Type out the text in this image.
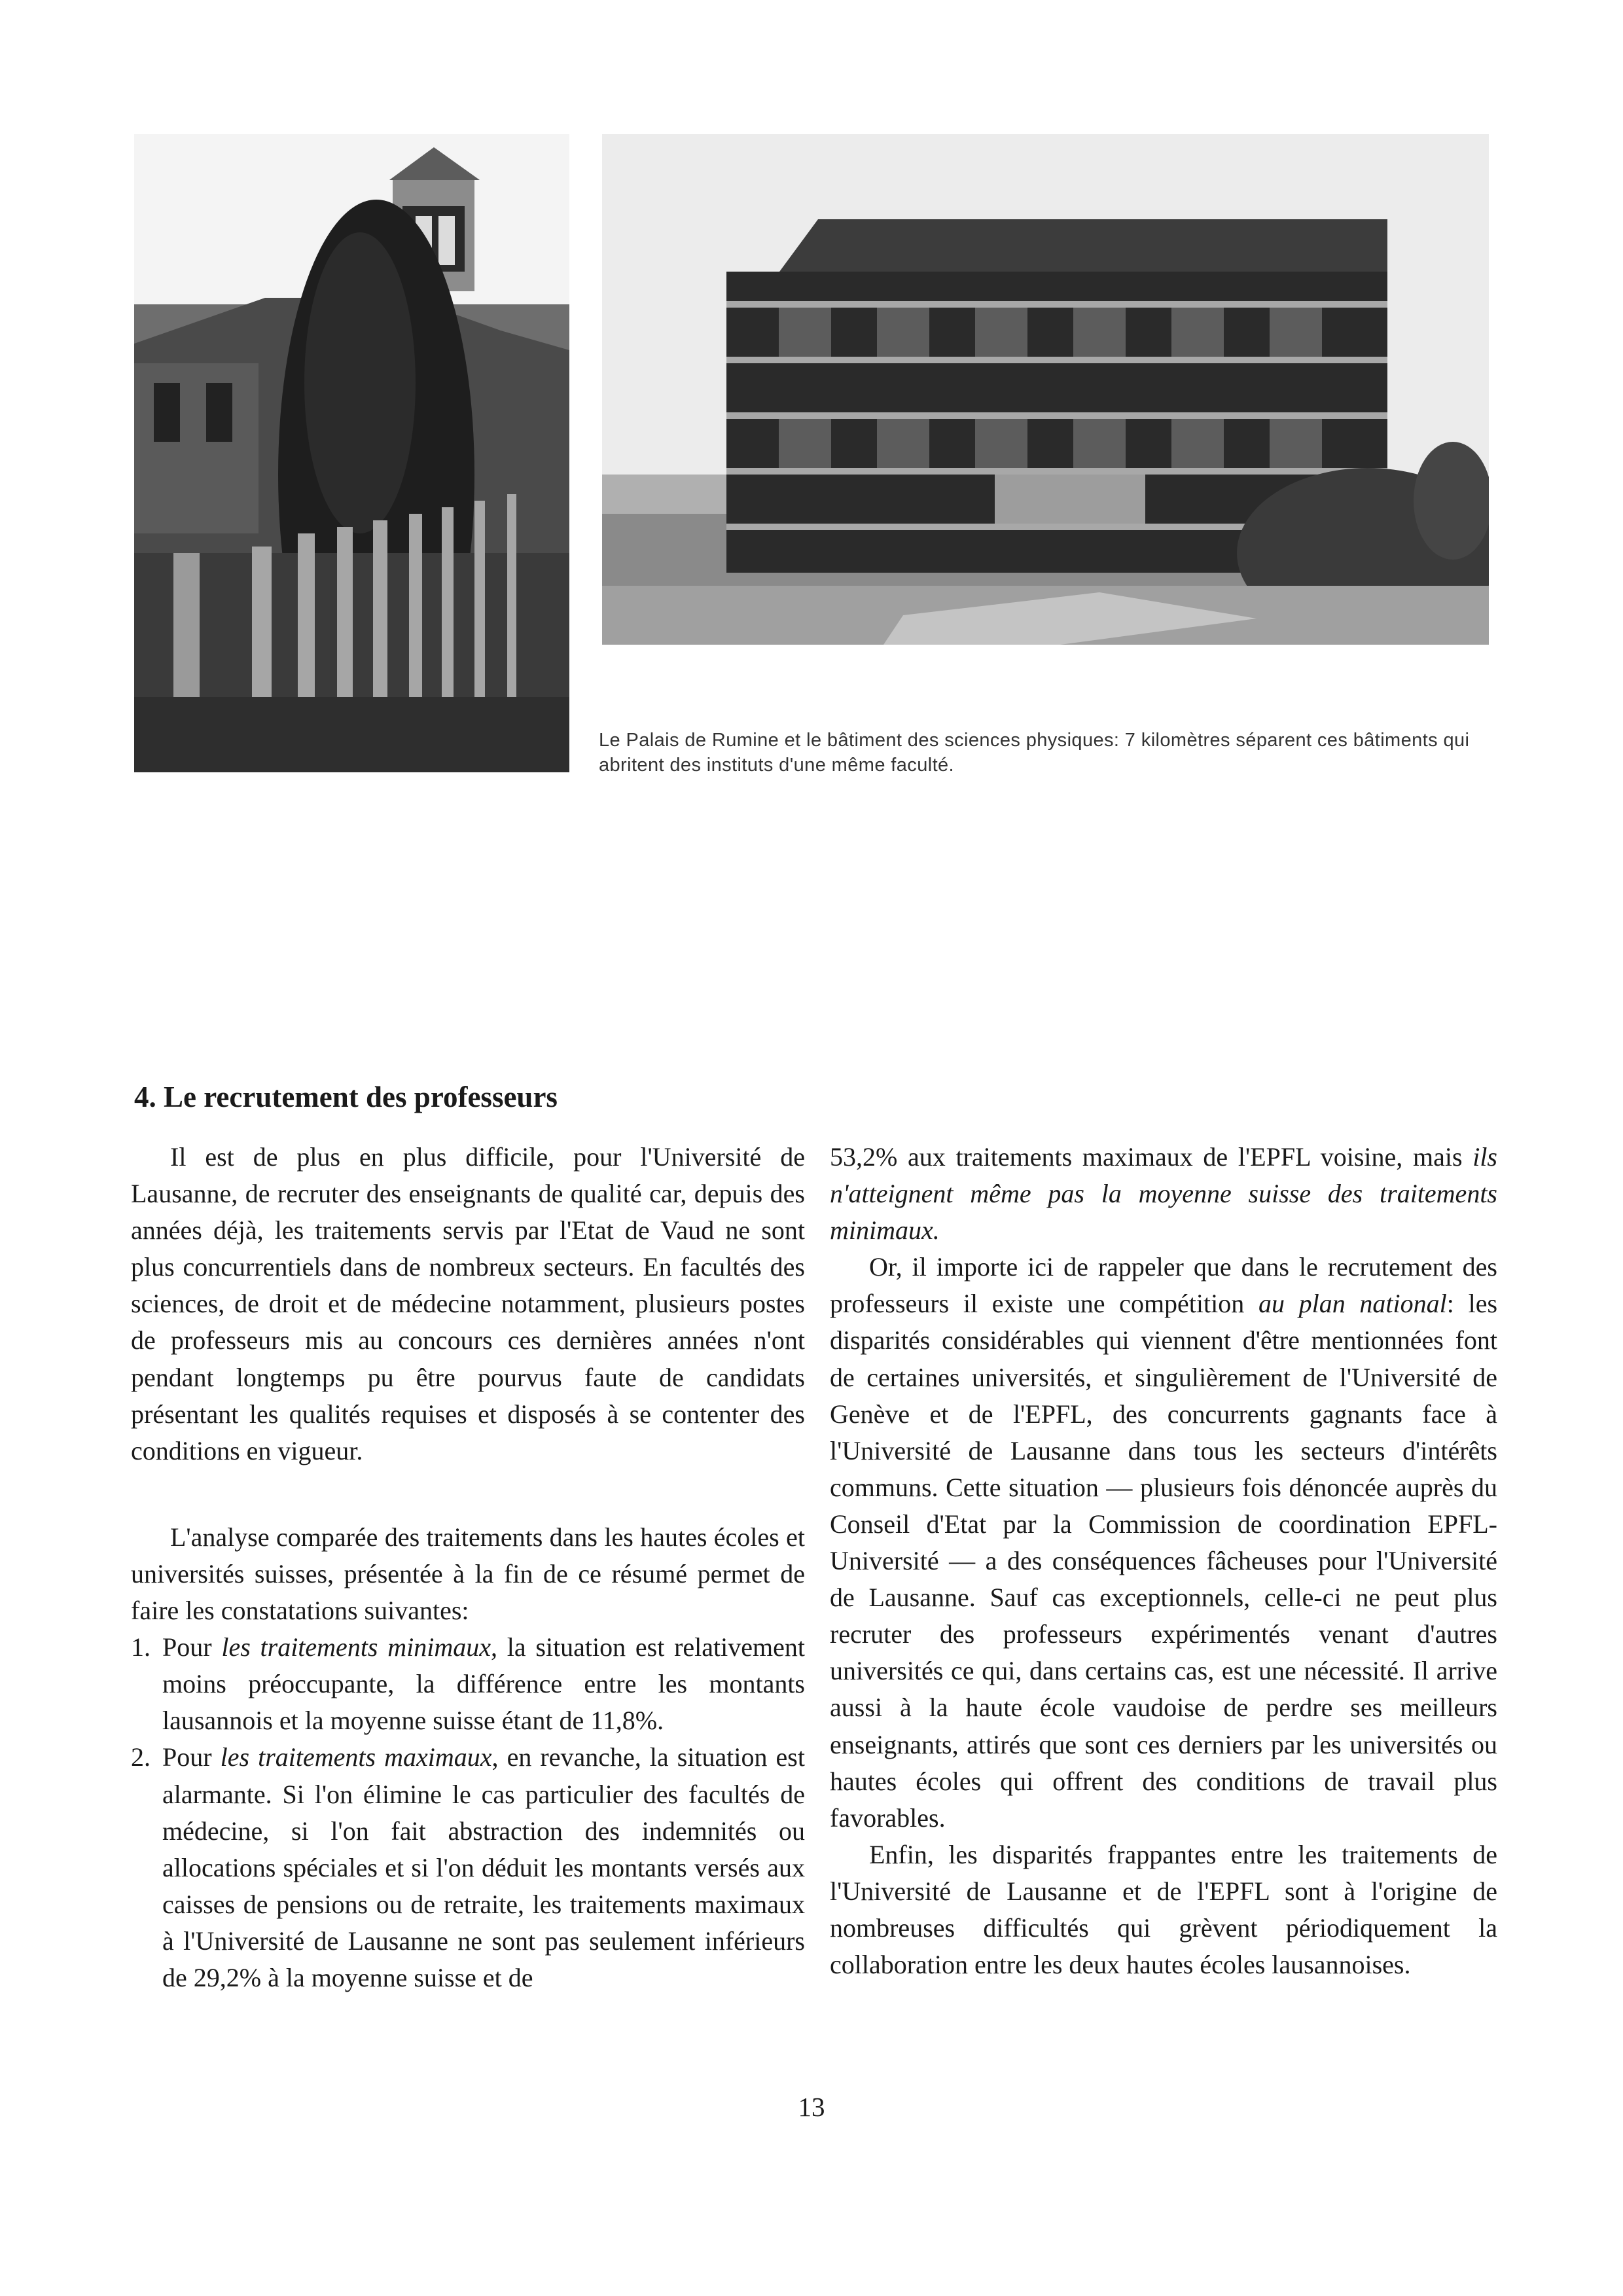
Le Palais de Rumine et le bâtiment des sciences physiques: 7 kilomètres séparent ces bâtiments qui abritent des instituts d'une même faculté.
4. Le recrutement des professeurs

Il est de plus en plus difficile, pour l'Université de Lausanne, de recruter des enseignants de qualité car, depuis des années déjà, les traitements servis par l'Etat de Vaud ne sont plus concurrentiels dans de nombreux secteurs. En facultés des sciences, de droit et de médecine notamment, plusieurs postes de professeurs mis au concours ces dernières années n'ont pendant longtemps pu être pourvus faute de candidats présentant les qualités requises et disposés à se contenter des conditions en vigueur.

L'analyse comparée des traitements dans les hautes écoles et universités suisses, présentée à la fin de ce résumé permet de faire les constatations suivantes:

1. Pour les traitements minimaux, la situation est relativement moins préoccupante, la différence entre les montants lausannois et la moyenne suisse étant de 11,8%.
2. Pour les traitements maximaux, en revanche, la situation est alarmante. Si l'on élimine le cas particulier des facultés de médecine, si l'on fait abstraction des indemnités ou allocations spéciales et si l'on déduit les montants versés aux caisses de pensions ou de retraite, les traitements maximaux à l'Université de Lausanne ne sont pas seulement inférieurs de 29,2% à la moyenne suisse et de

53,2% aux traitements maximaux de l'EPFL voisine, mais ils n'atteignent même pas la moyenne suisse des traitements minimaux.

Or, il importe ici de rappeler que dans le recrutement des professeurs il existe une compétition au plan national: les disparités considérables qui viennent d'être mentionnées font de certaines universités, et singulièrement de l'Université de Genève et de l'EPFL, des concurrents gagnants face à l'Université de Lausanne dans tous les secteurs d'intérêts communs. Cette situation — plusieurs fois dénoncée auprès du Conseil d'Etat par la Commission de coordination EPFL-Université — a des conséquences fâcheuses pour l'Université de Lausanne. Sauf cas exceptionnels, celle-ci ne peut plus recruter des professeurs expérimentés venant d'autres universités ce qui, dans certains cas, est une nécessité. Il arrive aussi à la haute école vaudoise de perdre ses meilleurs enseignants, attirés que sont ces derniers par les universités ou hautes écoles qui offrent des conditions de travail plus favorables.

Enfin, les disparités frappantes entre les traitements de l'Université de Lausanne et de l'EPFL sont à l'origine de nombreuses difficultés qui grèvent périodiquement la collaboration entre les deux hautes écoles lausannoises.

13
